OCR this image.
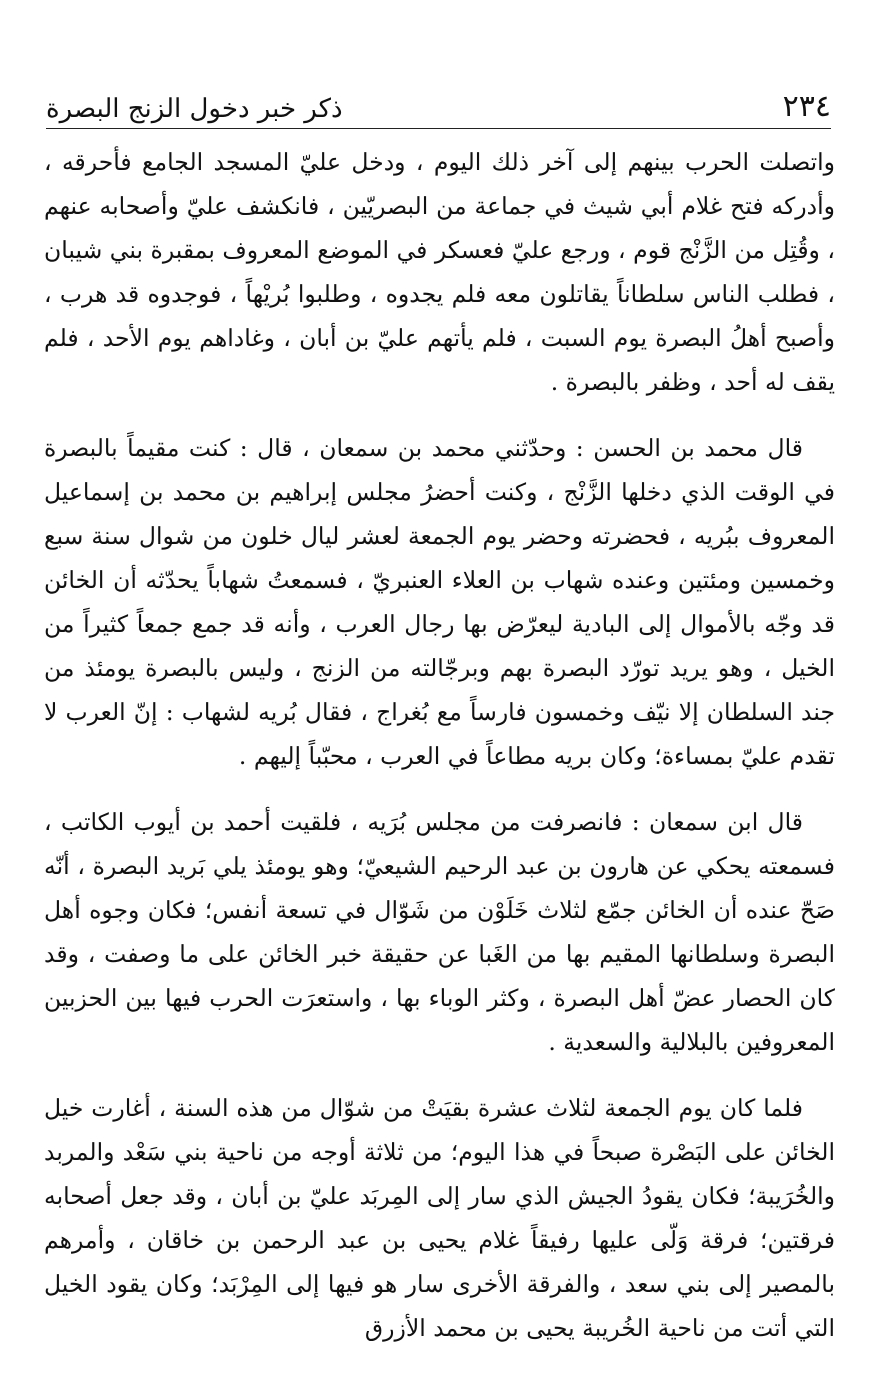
٢٣٤
ذكر خبر دخول الزنج البصرة

واتصلت الحرب بينهم إلى آخر ذلك اليوم ، ودخل عليّ المسجد الجامع فأحرقه ، وأدركه فتح غلام أبي شيث في جماعة من البصريّين ، فانكشف عليّ وأصحابه عنهم ، وقُتِل من الزَّنْج قوم ، ورجع عليّ فعسكر في الموضع المعروف بمقبرة بني شيبان ، فطلب الناس سلطاناً يقاتلون معه فلم يجدوه ، وطلبوا بُريْهاً ، فوجدوه قد هرب ، وأصبح أهلُ البصرة يوم السبت ، فلم يأتهم عليّ بن أبان ، وغاداهم يوم الأحد ، فلم يقف له أحد ، وظفر بالبصرة .

قال محمد بن الحسن : وحدّثني محمد بن سمعان ، قال : كنت مقيماً بالبصرة في الوقت الذي دخلها الزَّنْج ، وكنت أحضرُ مجلس إبراهيم بن محمد بن إسماعيل المعروف ببُريه ، فحضرته وحضر يوم الجمعة لعشر ليال خلون من شوال سنة سبع وخمسين ومئتين وعنده شهاب بن العلاء العنبريّ ، فسمعتُ شهاباً يحدّثه أن الخائن قد وجّه بالأموال إلى البادية ليعرّض بها رجال العرب ، وأنه قد جمع جمعاً كثيراً من الخيل ، وهو يريد تورّد البصرة بهم وبرجّالته من الزنج ، وليس بالبصرة يومئذ من جند السلطان إلا نيّف وخمسون فارساً مع بُغراج ، فقال بُريه لشهاب : إنّ العرب لا تقدم عليّ بمساءة؛ وكان بريه مطاعاً في العرب ، محبّباً إليهم .

قال ابن سمعان : فانصرفت من مجلس بُرَيه ، فلقيت أحمد بن أيوب الكاتب ، فسمعته يحكي عن هارون بن عبد الرحيم الشيعيّ؛ وهو يومئذ يلي بَريد البصرة ، أنّه صَحّ عنده أن الخائن جمّع لثلاث خَلَوْن من شَوّال في تسعة أنفس؛ فكان وجوه أهل البصرة وسلطانها المقيم بها من الغَبا عن حقيقة خبر الخائن على ما وصفت ، وقد كان الحصار عضّ أهل البصرة ، وكثر الوباء بها ، واستعرَت الحرب فيها بين الحزبين المعروفين بالبلالية والسعدية .

فلما كان يوم الجمعة لثلاث عشرة بقيَتْ من شوّال من هذه السنة ، أغارت خيل الخائن على البَصْرة صبحاً في هذا اليوم؛ من ثلاثة أوجه من ناحية بني سَعْد والمربد والخُرَيبة؛ فكان يقودُ الجيش الذي سار إلى المِربَد عليّ بن أبان ، وقد جعل أصحابه فرقتين؛ فرقة وَلّى عليها رفيقاً غلام يحيى بن عبد الرحمن بن خاقان ، وأمرهم بالمصير إلى بني سعد ، والفرقة الأخرى سار هو فيها إلى المِرْبَد؛ وكان يقود الخيل التي أتت من ناحية الخُريبة يحيى بن محمد الأزرق
